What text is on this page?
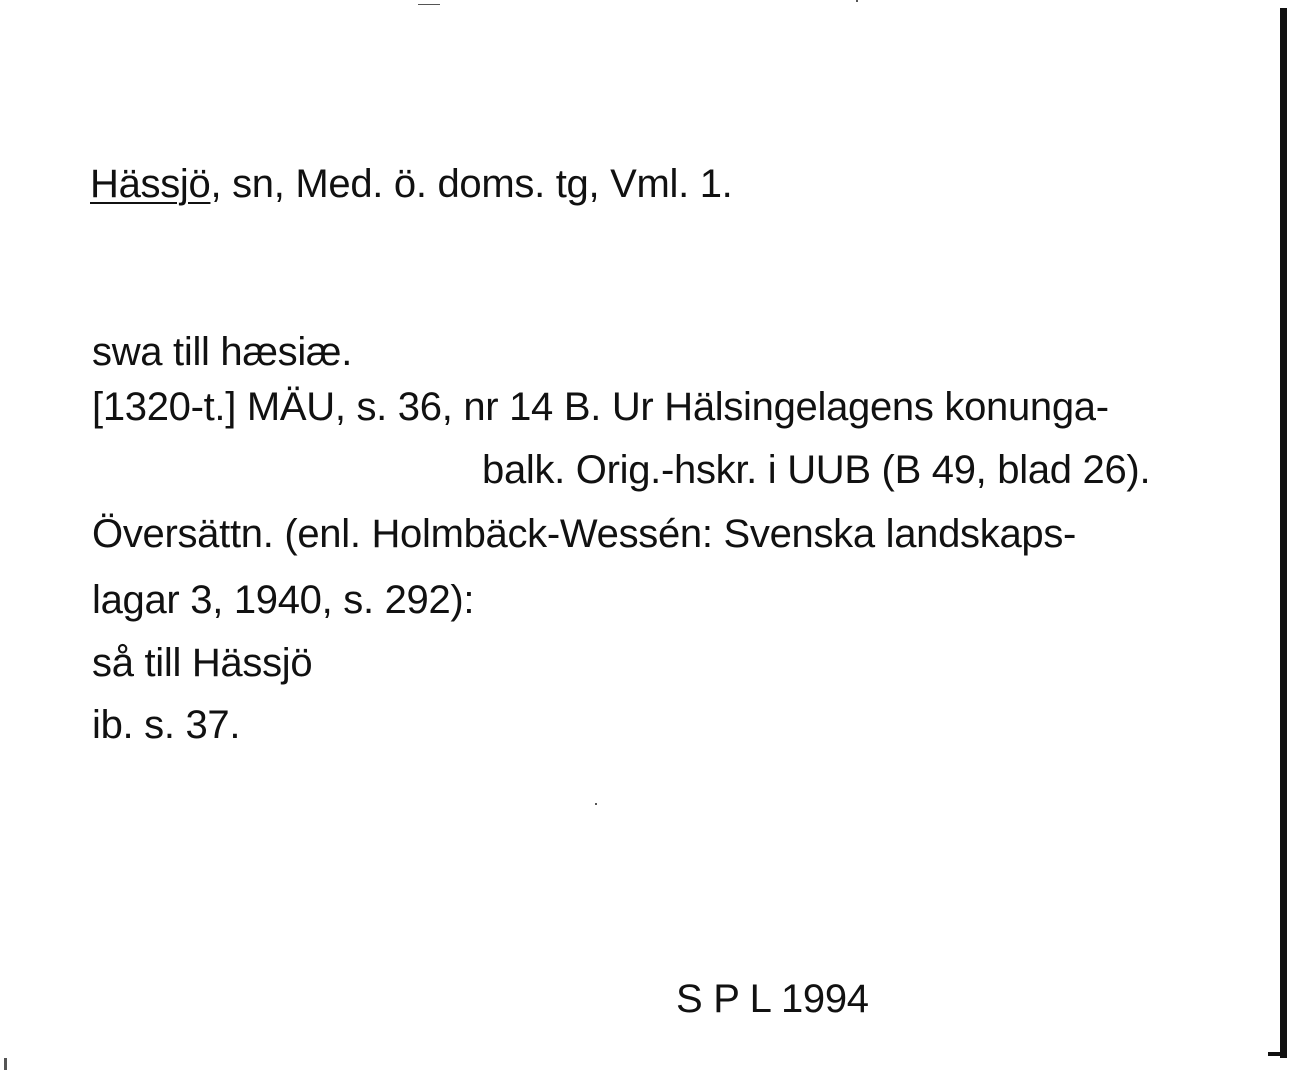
Hässjö, sn, Med. ö. doms. tg, Vml. 1.
swa till hæsiæ.
[1320-t.] MÄU, s. 36, nr 14 B. Ur Hälsingelagens konunga-
balk. Orig.-hskr. i UUB (B 49, blad 26).
Översättn. (enl. Holmbäck-Wessén: Svenska landskaps-
lagar 3, 1940, s. 292):
så till Hässjö
ib. s. 37.
S P L 1994
